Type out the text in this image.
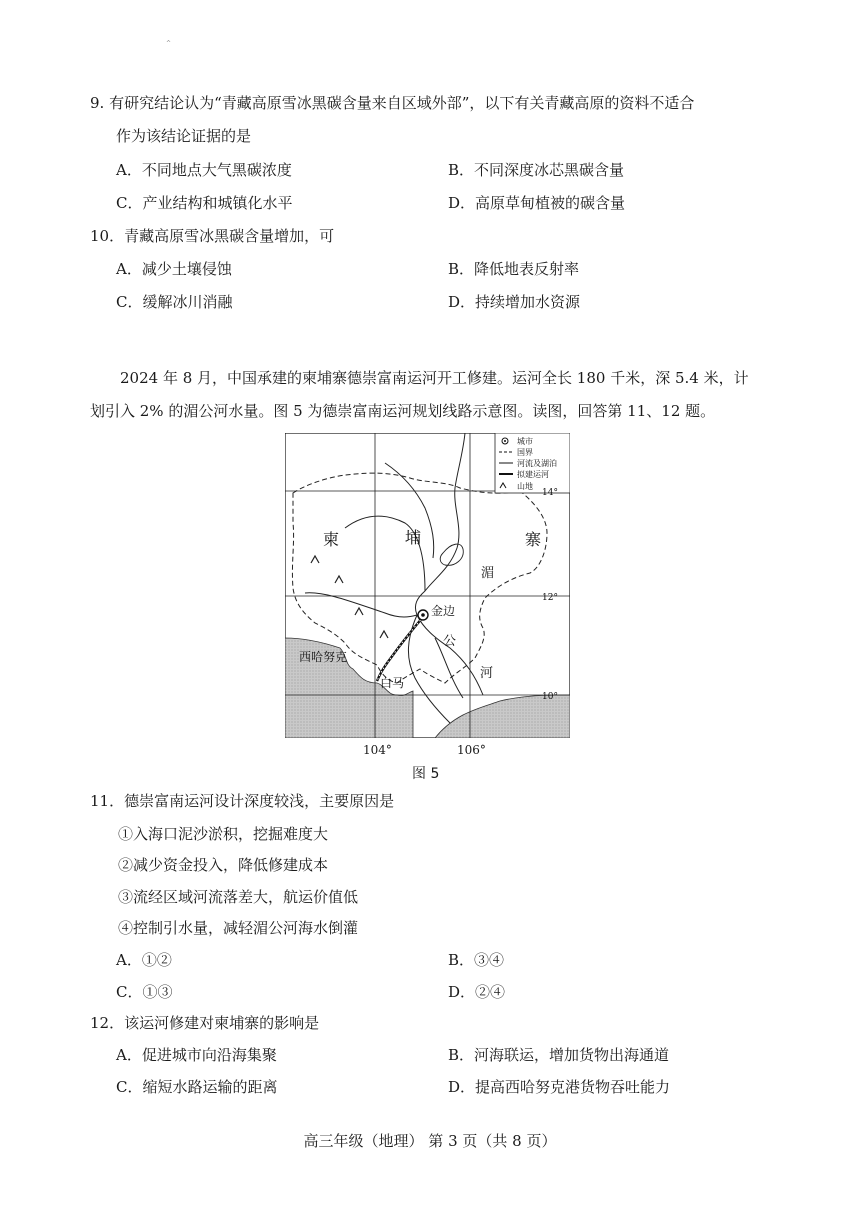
^
9. 有研究结论认为“青藏高原雪冰黑碳含量来自区域外部”，以下有关青藏高原的资料不适合
作为该结论证据的是
A．不同地点大气黑碳浓度	B．不同深度冰芯黑碳含量
C．产业结构和城镇化水平	D．高原草甸植被的碳含量
10．青藏高原雪冰黑碳含量增加，可
A．减少土壤侵蚀	B．降低地表反射率
C．缓解冰川消融	D．持续增加水资源
2024 年 8 月，中国承建的柬埔寨德崇富南运河开工修建。运河全长 180 千米，深 5.4 米，计
划引入 2% 的湄公河水量。图 5 为德崇富南运河规划线路示意图。读图，回答第 11、12 题。
城市
国界
河流及湖泊
拟建运河
山地
柬	埔	寨
湄
公
河
金边
西哈努克
白马
14°
12°
10°
104°	106°
图 5
11．德崇富南运河设计深度较浅，主要原因是
①入海口泥沙淤积，挖掘难度大
②减少资金投入，降低修建成本
③流经区域河流落差大，航运价值低
④控制引水量，减轻湄公河海水倒灌
A．①②	B．③④
C．①③	D．②④
12．该运河修建对柬埔寨的影响是
A．促进城市向沿海集聚	B．河海联运，增加货物出海通道
C．缩短水路运输的距离	D．提高西哈努克港货物吞吐能力
高三年级（地理） 第 3 页（共 8 页）
